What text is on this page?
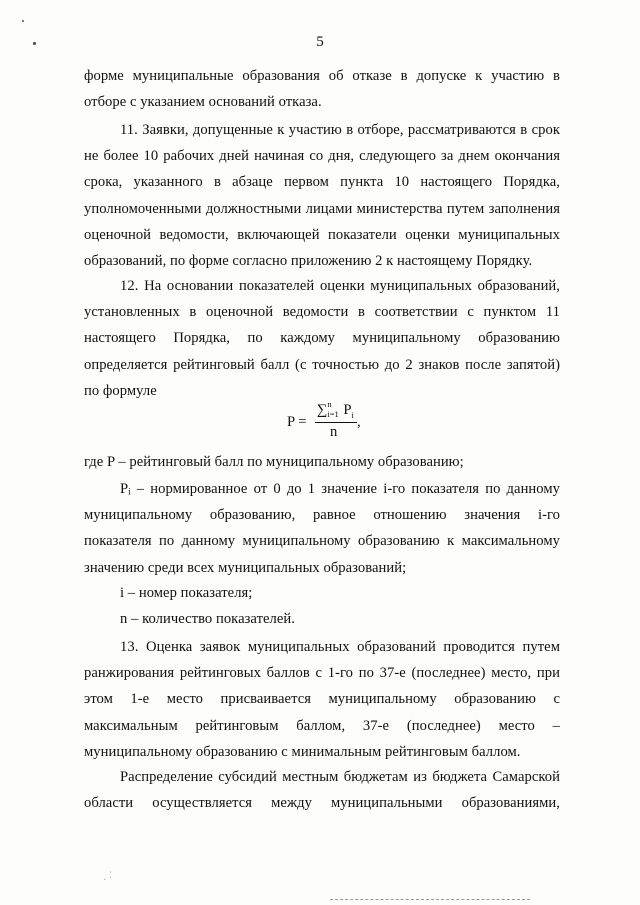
5
форме муниципальные образования об отказе в допуске к участию в
отборе с указанием оснований отказа.
11. Заявки, допущенные к участию в отборе, рассматриваются в срок
не более 10 рабочих дней начиная со дня, следующего за днем окончания
срока, указанного в абзаце первом пункта 10 настоящего Порядка,
уполномоченными должностными лицами министерства путем заполнения
оценочной ведомости, включающей показатели оценки муниципальных
образований, по форме согласно приложению 2 к настоящему Порядку.
12. На основании показателей оценки муниципальных образований,
установленных в оценочной ведомости в соответствии с пунктом 11
настоящего Порядка, по каждому муниципальному образованию
определяется рейтинговый балл (с точностью до 2 знаков после запятой)
по формуле
P =
∑ n
i=1 $P_i$
n
,
где P – рейтинговый балл по муниципальному образованию;
Pᵢ – нормированное от 0 до 1 значение i-го показателя по данному
муниципальному образованию, равное отношению значения i-го
показателя по данному муниципальному образованию к максимальному
значению среди всех муниципальных образований;
i – номер показателя;
n – количество показателей.
13. Оценка заявок муниципальных образований проводится путем
ранжирования рейтинговых баллов с 1-го по 37-е (последнее) место, при
этом 1-е место присваивается муниципальному образованию с
максимальным рейтинговым баллом, 37-е (последнее) место –
муниципальному образованию с минимальным рейтинговым баллом.
Распределение субсидий местным бюджетам из бюджета Самарской
области осуществляется между муниципальными образованиями,
⸼ ⁚
